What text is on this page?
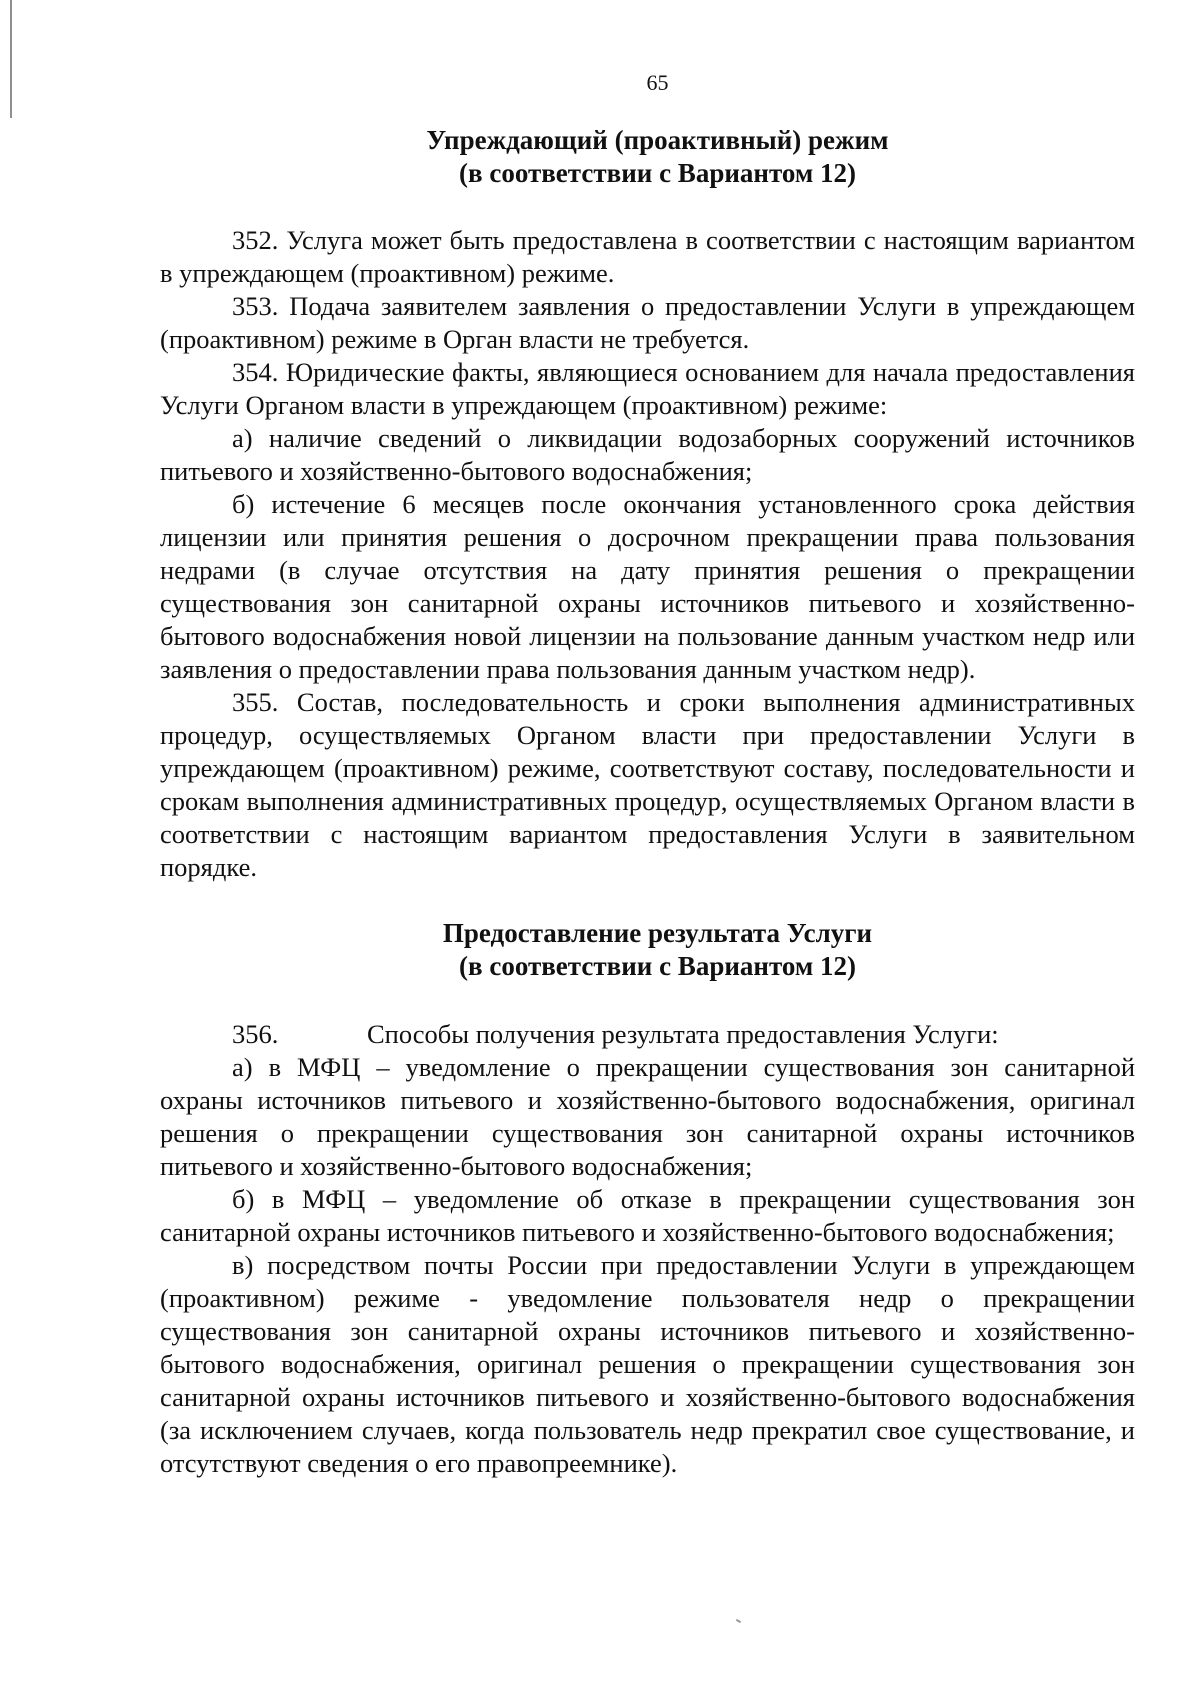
65

Упреждающий (проактивный) режим

(в соответствии с Вариантом 12)

352. Услуга может быть предоставлена в соответствии с настоящим вариантом в упреждающем (проактивном) режиме.

353. Подача заявителем заявления о предоставлении Услуги в упреждающем (проактивном) режиме в Орган власти не требуется.

354. Юридические факты, являющиеся основанием для начала предоставления Услуги Органом власти в упреждающем (проактивном) режиме:

а) наличие сведений о ликвидации водозаборных сооружений источников питьевого и хозяйственно-бытового водоснабжения;

б) истечение 6 месяцев после окончания установленного срока действия лицензии или принятия решения о досрочном прекращении права пользования недрами (в случае отсутствия на дату принятия решения о прекращении существования зон санитарной охраны источников питьевого и хозяйственно-бытового водоснабжения новой лицензии на пользование данным участком недр или заявления о предоставлении права пользования данным участком недр).

355. Состав, последовательность и сроки выполнения административных процедур, осуществляемых Органом власти при предоставлении Услуги в упреждающем (проактивном) режиме, соответствуют составу, последовательности и срокам выполнения административных процедур, осуществляемых Органом власти в соответствии с настоящим вариантом предоставления Услуги в заявительном порядке.

Предоставление результата Услуги

(в соответствии с Вариантом 12)

356.	Способы получения результата предоставления Услуги:

а) в МФЦ – уведомление о прекращении существования зон санитарной охраны источников питьевого и хозяйственно-бытового водоснабжения, оригинал решения о прекращении существования зон санитарной охраны источников питьевого и хозяйственно-бытового водоснабжения;

б) в МФЦ – уведомление об отказе в прекращении существования зон санитарной охраны источников питьевого и хозяйственно-бытового водоснабжения;

в) посредством почты России при предоставлении Услуги в упреждающем (проактивном) режиме - уведомление пользователя недр о прекращении существования зон санитарной охраны источников питьевого и хозяйственно-бытового водоснабжения, оригинал решения о прекращении существования зон санитарной охраны источников питьевого и хозяйственно-бытового водоснабжения (за исключением случаев, когда пользователь недр прекратил свое существование, и отсутствуют сведения о его правопреемнике).
